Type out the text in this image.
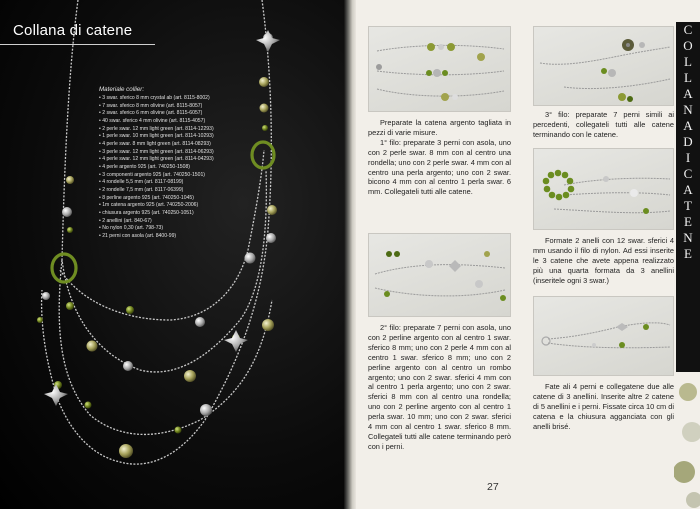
Collana di catene
Materiale collier:
• 3 swar. sferico 8 mm crystal ab (art. 8115-8002)
• 7 swar. sferico 8 mm olivine (art. 8115-8057)
• 2 swar. sferico 6 mm olivine (art. 8115-6057)
• 40 swar. sferico 4 mm olivine (art. 8115-4057)
• 2 perle swar. 12 mm light green (art. 8114-12293)
• 1 perle swar. 10 mm light green (art. 8114-10293)
• 4 perle swar. 8 mm light green (art. 8114-08293)
• 3 perle swar. 12 mm light green (art. 8114-06293)
• 4 perle swar. 12 mm light green (art. 8114-04293)
• 4 perle argento 925 (art. 740250-1508)
• 3 componenti argento 925 (art. 740250-1501)
• 4 rondelle 5,5 mm (art. 8117-08199)
• 2 rondelle 7,5 mm (art. 8117-06399)
• 8 perline argento 925 (art. 740250-1045)
• 1m catena argento 925 (art. 740250-2006)
• chiusura argento 925 (art. 740250-1051)
• 2 anellini (art. 840-67)
• No nylon 0,30 (art. 798-73)
• 21 perni con asola (art. 8400-99)

Preparate la catena argento tagliata in pezzi di varie misure.

1° filo: preparate 3 perni con asola, uno con 2 perle swar. 8 mm con al centro una rondella; uno con 2 perle swar. 4 mm con al centro una perla argento; uno con 2 swar. bicono 4 mm con al centro 1 perla swar. 6 mm. Collegateli tutti alle catene.

2° filo: preparate 7 perni con asola, uno con 2 perline argento con al centro 1 swar. sferico 8 mm; uno con 2 perle 4 mm con al centro 1 swar. sferico 8 mm; uno con 2 perline argento con al centro un rombo argento; uno con 2 swar. sferici 4 mm con al centro 1 perla argento; uno con 2 swar. sferici 8 mm con al centro una rondella; uno con 2 perline argento con al centro 1 perla swar. 10 mm; uno con 2 swar. sferici 4 mm con al centro 1 swar. sferico 8 mm. Collegateli tutti alle catene terminando però con i perni.

3° filo: preparate 7 perni simili ai percedenti, collegateli tutti alle catene terminando con le catene.

Formate 2 anelli con 12 swar. sferici 4 mm usando il filo di nylon. Ad essi inserite le 3 catene che avete appena realizzato più una quarta formata da 3 anellini (inseritele ogni 3 swar.)

Fate ali 4 perni e collegatene due alle catene di 3 anellini. Inserite altre 2 catene di 5 anellini e i perni. Fissate circa 10 cm di catena e la chiusura agganciata con gli anelli brisé.

C
O
L
L
A
N
A
D
I
C
A
T
E
N
E
27
